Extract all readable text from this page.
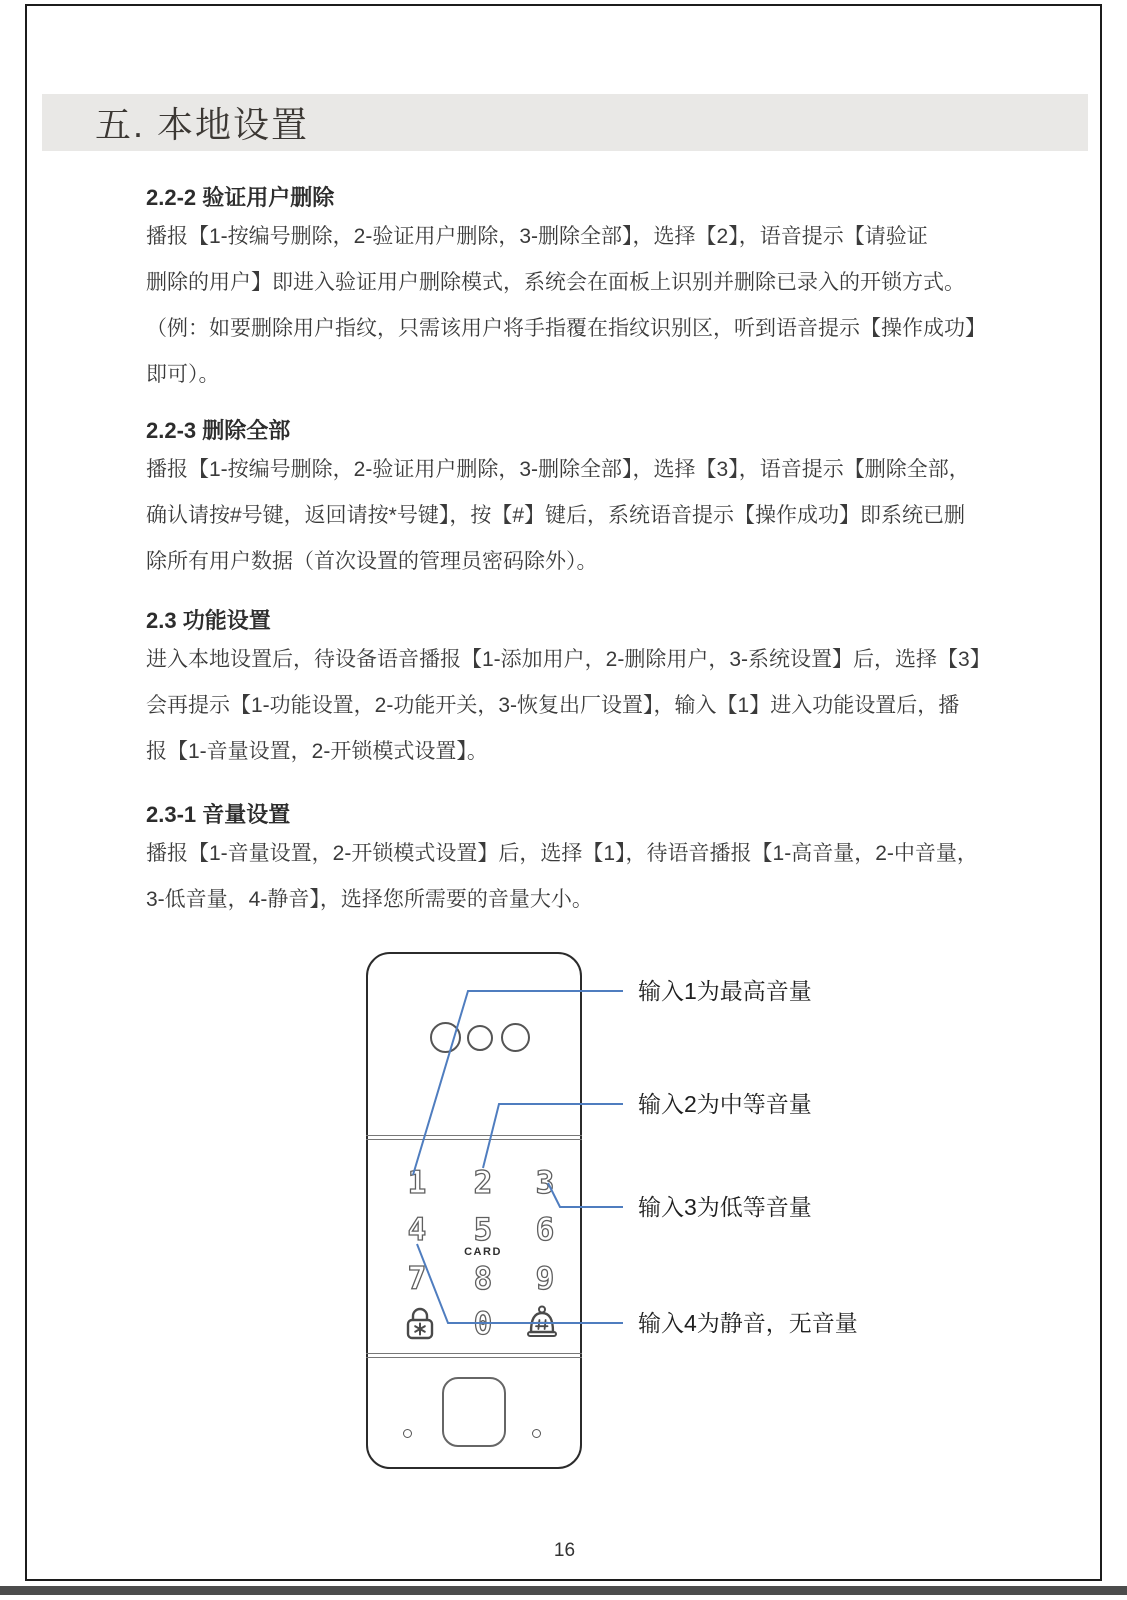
五. 本地设置
2.2-2 验证用户删除
播报【1-按编号删除，2-验证用户删除，3-删除全部】，选择【2】，语音提示【请验证
删除的用户】即进入验证用户删除模式，系统会在面板上识别并删除已录入的开锁方式。
（例：如要删除用户指纹，只需该用户将手指覆在指纹识别区，听到语音提示【操作成功】
即可）。
2.2-3 删除全部
播报【1-按编号删除，2-验证用户删除，3-删除全部】，选择【3】，语音提示【删除全部，
确认请按#号键，返回请按*号键】，按【#】键后，系统语音提示【操作成功】即系统已删
除所有用户数据（首次设置的管理员密码除外）。
2.3 功能设置
进入本地设置后，待设备语音播报【1-添加用户，2-删除用户，3-系统设置】后，选择【3】
会再提示【1-功能设置，2-功能开关，3-恢复出厂设置】，输入【1】进入功能设置后，播
报【1-音量设置，2-开锁模式设置】。
2.3-1 音量设置
播报【1-音量设置，2-开锁模式设置】后，选择【1】，待语音播报【1-高音量，2-中音量，
3-低音量，4-静音】，选择您所需要的音量大小。
1 2 3
4 5 6
CARD
7 8 9
0
输入1为最高音量
输入2为中等音量
输入3为低等音量
输入4为静音，无音量
16
